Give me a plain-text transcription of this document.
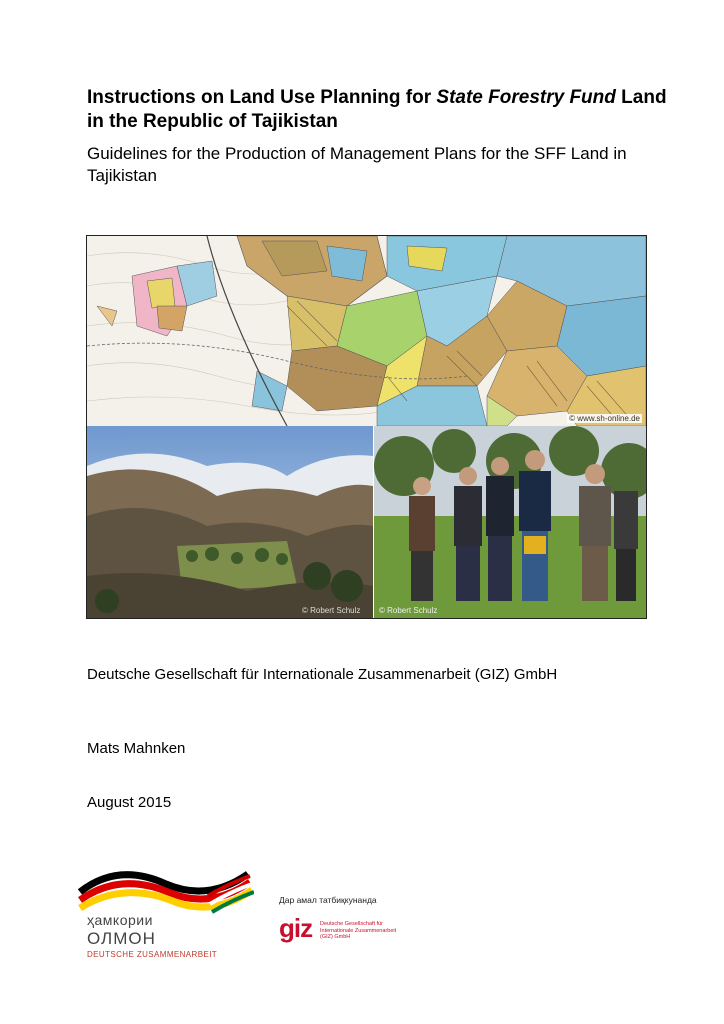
Instructions on Land Use Planning for State Forestry Fund Land in the Republic of Tajikistan

Guidelines for the Production of Management Plans for the SFF Land in Tajikistan

© www.sh-online.de
© Robert Schulz © Robert Schulz

Deutsche Gesellschaft für Internationale Zusammenarbeit (GIZ) GmbH

Mats Mahnken

August 2015

ҳамкории
ОЛМОН
DEUTSCHE ZUSAMMENARBEIT
Дар амал татбиқкунанда
giz Deutsche Gesellschaft für Internationale Zusammenarbeit (GIZ) GmbH
